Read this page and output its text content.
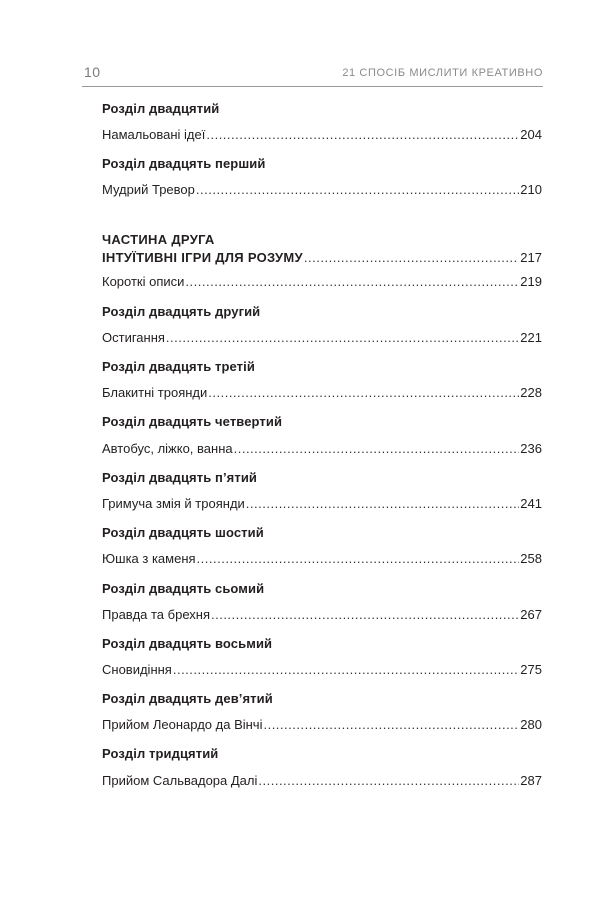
10	21 СПОСІБ МИСЛИТИ КРЕАТИВНО
Розділ двадцятий
Намальовані ідеї .....	204
Розділ двадцять перший
Мудрий Тревор .....	210
ЧАСТИНА ДРУГА
ІНТУЇТИВНІ ІГРИ ДЛЯ РОЗУМУ .....	217
Короткі описи .....	219
Розділ двадцять другий
Остигання .....	221
Розділ двадцять третій
Блакитні троянди .....	228
Розділ двадцять четвертий
Автобус, ліжко, ванна .....	236
Розділ двадцять п’ятий
Гримуча змія й троянди .....	241
Розділ двадцять шостий
Юшка з каменя .....	258
Розділ двадцять сьомий
Правда та брехня .....	267
Розділ двадцять восьмий
Сновидіння .....	275
Розділ двадцять дев’ятий
Прийом Леонардо да Вінчі .....	280
Розділ тридцятий
Прийом Сальвадора Далі .....	287
